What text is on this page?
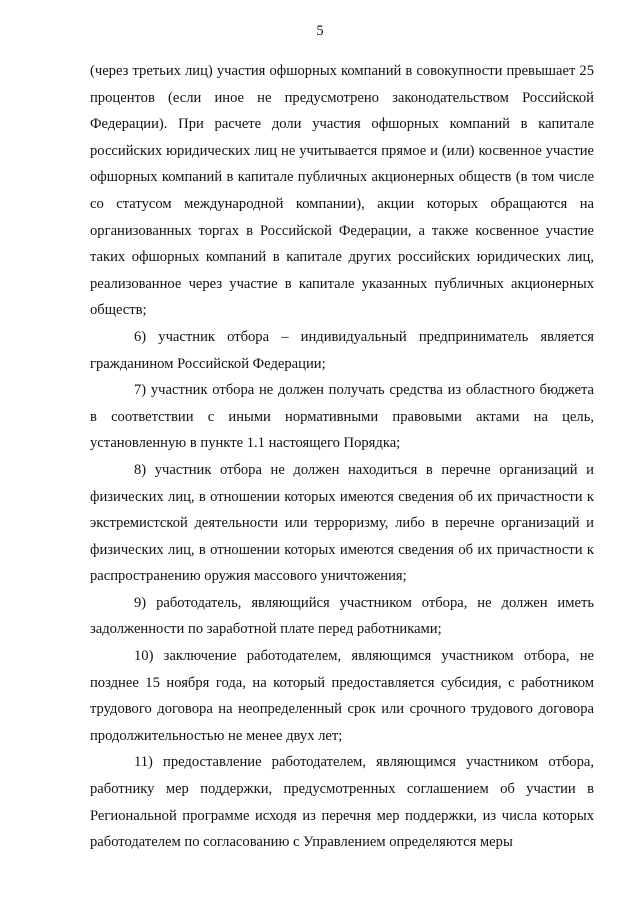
5

(через третьих лиц) участия офшорных компаний в совокупности превышает 25 процентов (если иное не предусмотрено законодательством Российской Федерации). При расчете доли участия офшорных компаний в капитале российских юридических лиц не учитывается прямое и (или) косвенное участие офшорных компаний в капитале публичных акционерных обществ (в том числе со статусом международной компании), акции которых обращаются на организованных торгах в Российской Федерации, а также косвенное участие таких офшорных компаний в капитале других российских юридических лиц, реализованное через участие в капитале указанных публичных акционерных обществ;

6) участник отбора – индивидуальный предприниматель является гражданином Российской Федерации;

7) участник отбора не должен получать средства из областного бюджета в соответствии с иными нормативными правовыми актами на цель, установленную в пункте 1.1 настоящего Порядка;

8) участник отбора не должен находиться в перечне организаций и физических лиц, в отношении которых имеются сведения об их причастности к экстремистской деятельности или терроризму, либо в перечне организаций и физических лиц, в отношении которых имеются сведения об их причастности к распространению оружия массового уничтожения;

9) работодатель, являющийся участником отбора, не должен иметь задолженности по заработной плате перед работниками;

10) заключение работодателем, являющимся участником отбора, не позднее 15 ноября года, на который предоставляется субсидия, с работником трудового договора на неопределенный срок или срочного трудового договора продолжительностью не менее двух лет;

11) предоставление работодателем, являющимся участником отбора, работнику мер поддержки, предусмотренных соглашением об участии в Региональной программе исходя из перечня мер поддержки, из числа которых работодателем по согласованию с Управлением определяются меры
